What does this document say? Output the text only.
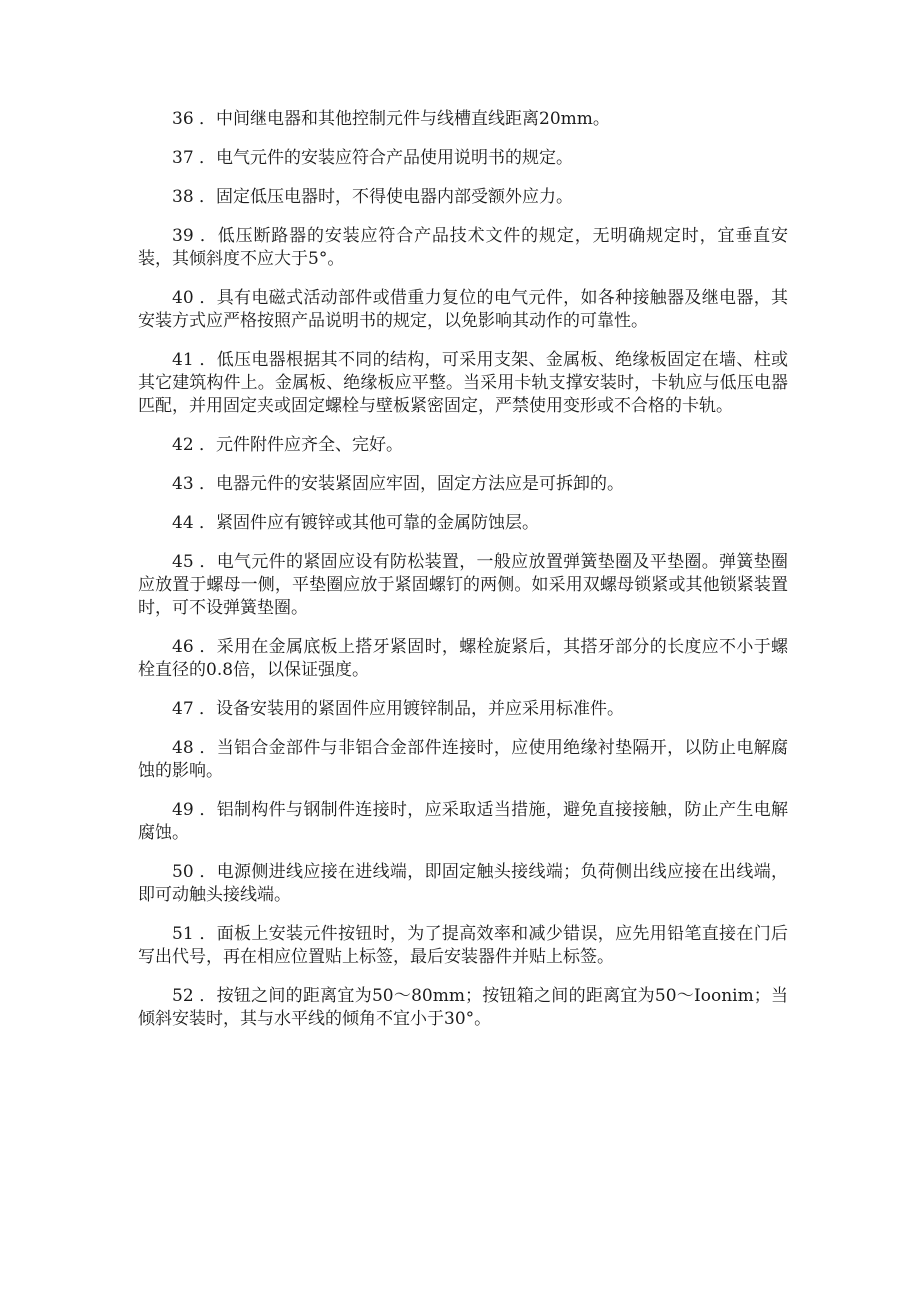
36 ．中间继电器和其他控制元件与线槽直线距离20mm。

37 ．电气元件的安装应符合产品使用说明书的规定。

38 ．固定低压电器时，不得使电器内部受额外应力。

39 ．低压断路器的安装应符合产品技术文件的规定，无明确规定时，宜垂直安装，其倾斜度不应大于5°。

40 ．具有电磁式活动部件或借重力复位的电气元件，如各种接触器及继电器，其安装方式应严格按照产品说明书的规定，以免影响其动作的可靠性。

41 ．低压电器根据其不同的结构，可采用支架、金属板、绝缘板固定在墙、柱或其它建筑构件上。金属板、绝缘板应平整。当采用卡轨支撑安装时，卡轨应与低压电器匹配，并用固定夹或固定螺栓与壁板紧密固定，严禁使用变形或不合格的卡轨。

42 ．元件附件应齐全、完好。

43 ．电器元件的安装紧固应牢固，固定方法应是可拆卸的。

44 ．紧固件应有镀锌或其他可靠的金属防蚀层。

45 ．电气元件的紧固应设有防松装置，一般应放置弹簧垫圈及平垫圈。弹簧垫圈应放置于螺母一侧，平垫圈应放于紧固螺钉的两侧。如采用双螺母锁紧或其他锁紧装置时，可不设弹簧垫圈。

46 ．采用在金属底板上搭牙紧固时，螺栓旋紧后，其搭牙部分的长度应不小于螺栓直径的0.8倍，以保证强度。

47 ．设备安装用的紧固件应用镀锌制品，并应采用标准件。

48 ．当铝合金部件与非铝合金部件连接时，应使用绝缘衬垫隔开，以防止电解腐蚀的影响。

49 ．铝制构件与钢制件连接时，应采取适当措施，避免直接接触，防止产生电解腐蚀。

50 ．电源侧进线应接在进线端，即固定触头接线端；负荷侧出线应接在出线端，即可动触头接线端。

51 ．面板上安装元件按钮时，为了提高效率和减少错误，应先用铅笔直接在门后写出代号，再在相应位置贴上标签，最后安装器件并贴上标签。

52 ．按钮之间的距离宜为50～80mm；按钮箱之间的距离宜为50～Ioonim；当倾斜安装时，其与水平线的倾角不宜小于30°。
